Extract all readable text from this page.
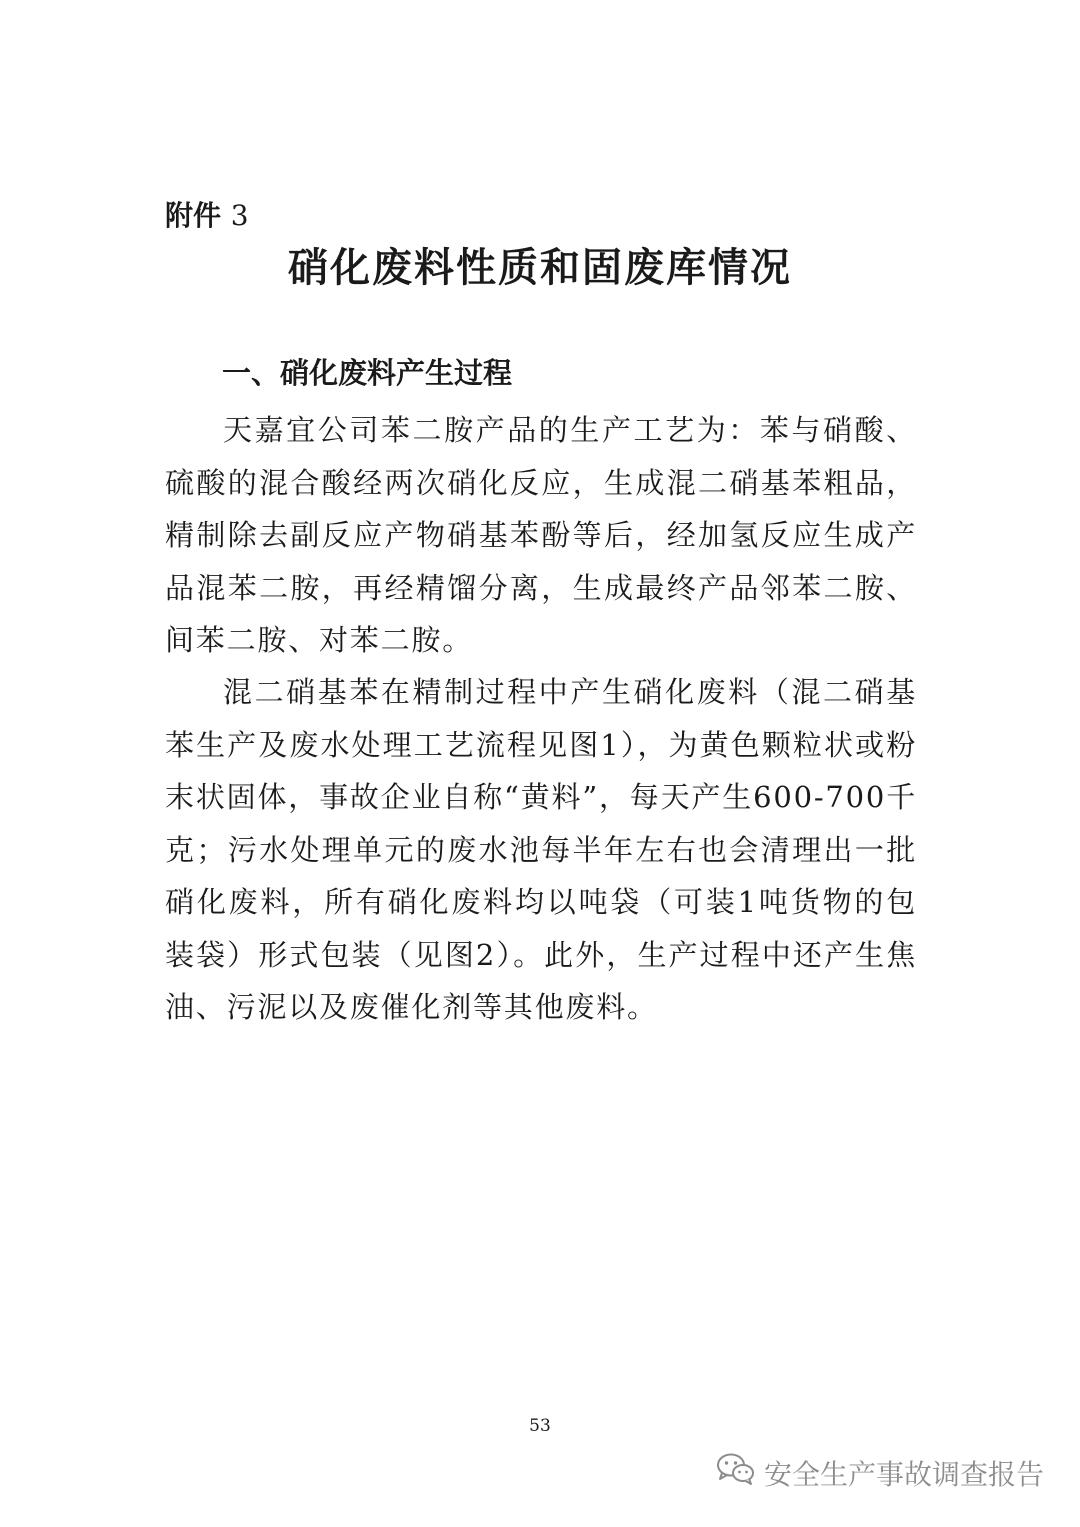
附件 3
硝化废料性质和固废库情况
一、硝化废料产生过程

天嘉宜公司苯二胺产品的生产工艺为：苯与硝酸、硫酸的混合酸经两次硝化反应，生成混二硝基苯粗品，精制除去副反应产物硝基苯酚等后，经加氢反应生成产品混苯二胺，再经精馏分离，生成最终产品邻苯二胺、间苯二胺、对苯二胺。

混二硝基苯在精制过程中产生硝化废料（混二硝基苯生产及废水处理工艺流程见图1），为黄色颗粒状或粉末状固体，事故企业自称“黄料”，每天产生600-700千克；污水处理单元的废水池每半年左右也会清理出一批硝化废料，所有硝化废料均以吨袋（可装1吨货物的包装袋）形式包装（见图2）。此外，生产过程中还产生焦油、污泥以及废催化剂等其他废料。

53
安全生产事故调查报告
